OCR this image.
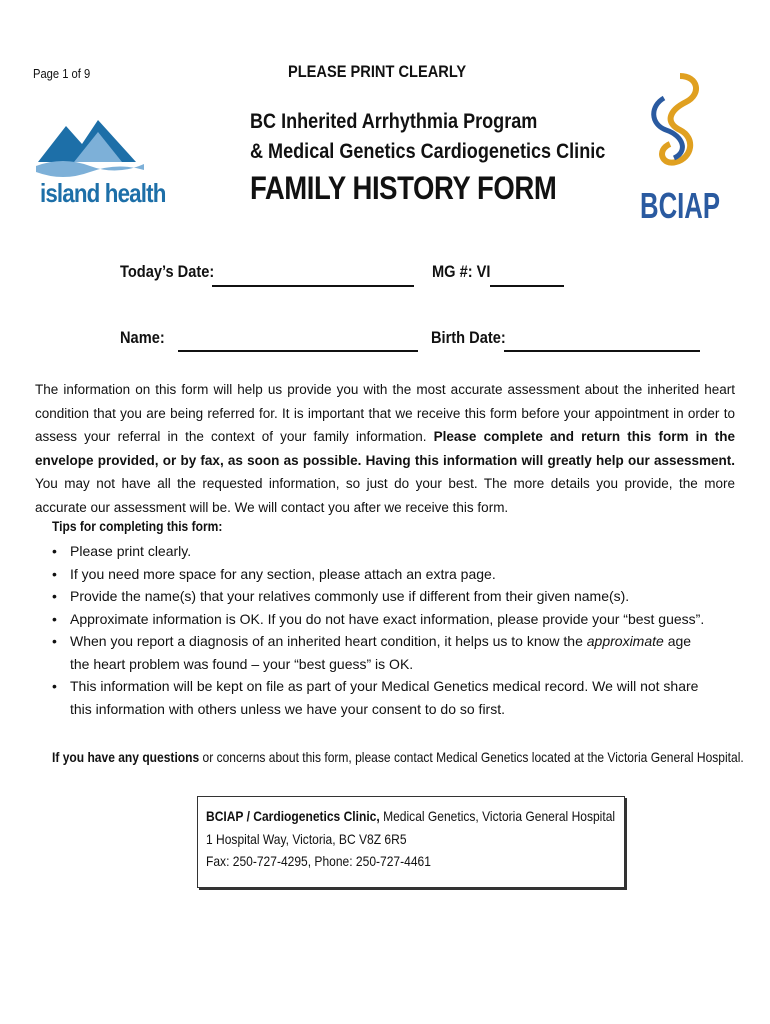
Page 1 of 9	PLEASE PRINT CLEARLY
island health
BC Inherited Arrhythmia Program
& Medical Genetics Cardiogenetics Clinic
FAMILY HISTORY FORM BCIAP
Today’s Date:	MG #: VI
Name:	Birth Date:
The information on this form will help us provide you with the most accurate assessment about the inherited heart condition that you are being referred for. It is important that we receive this form before your appointment in order to assess your referral in the context of your family information. Please complete and return this form in the envelope provided, or by fax, as soon as possible. Having this information will greatly help our assessment. You may not have all the requested information, so just do your best. The more details you provide, the more accurate our assessment will be. We will contact you after we receive this form.
Tips for completing this form:
• Please print clearly.
• If you need more space for any section, please attach an extra page.
• Provide the name(s) that your relatives commonly use if different from their given name(s).
• Approximate information is OK. If you do not have exact information, please provide your “best guess”.
• When you report a diagnosis of an inherited heart condition, it helps us to know the approximate age the heart problem was found – your “best guess” is OK.
• This information will be kept on file as part of your Medical Genetics medical record. We will not share this information with others unless we have your consent to do so first.
If you have any questions or concerns about this form, please contact Medical Genetics located at the Victoria General Hospital.
BCIAP / Cardiogenetics Clinic, Medical Genetics, Victoria General Hospital
1 Hospital Way, Victoria, BC V8Z 6R5
Fax: 250-727-4295, Phone: 250-727-4461
